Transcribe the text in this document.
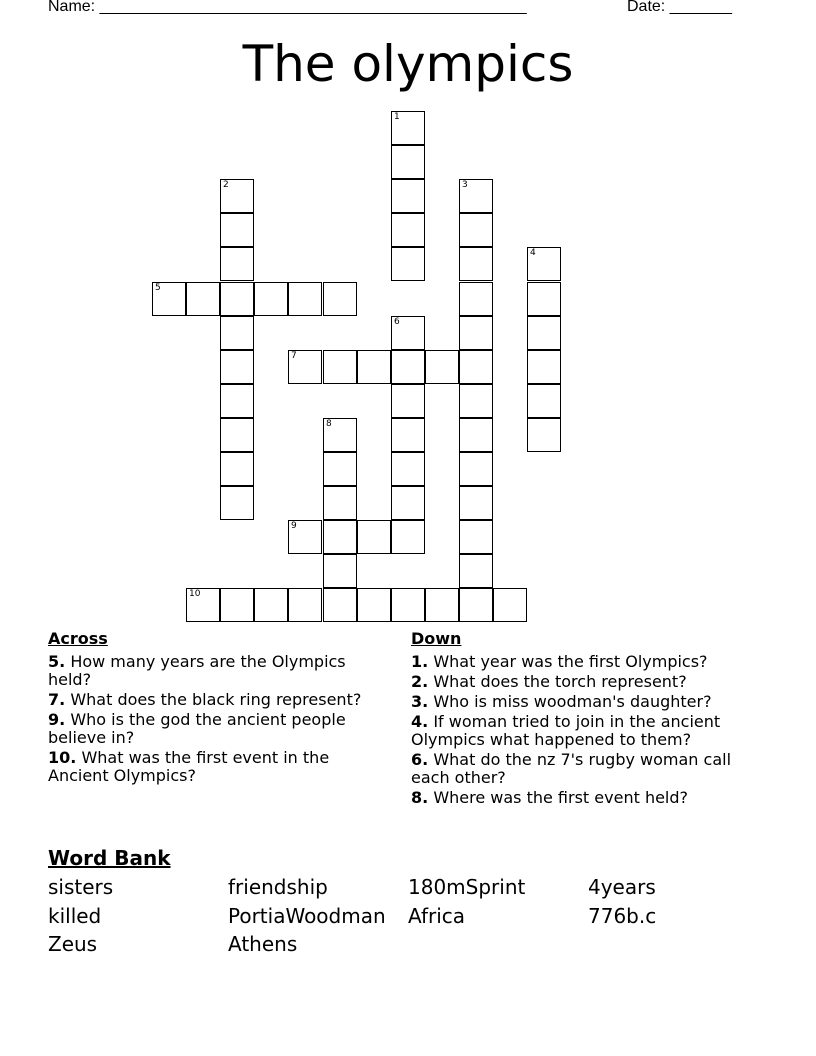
Name: ________________________________________________	Date: _______
The olympics
1
2	3
4
5
6
7
8
9
10
Across
5. How many years are the Olympics held?
7. What does the black ring represent?
9. Who is the god the ancient people believe in?
10. What was the first event in the Ancient Olympics?
Down
1. What year was the first Olympics?
2. What does the torch represent?
3. Who is miss woodman's daughter?
4. If woman tried to join in the ancient Olympics what happened to them?
6. What do the nz 7's rugby woman call each other?
8. Where was the first event held?
Word Bank
sisters	friendship	180mSprint	4years
killed	PortiaWoodman	Africa	776b.c
Zeus	Athens
